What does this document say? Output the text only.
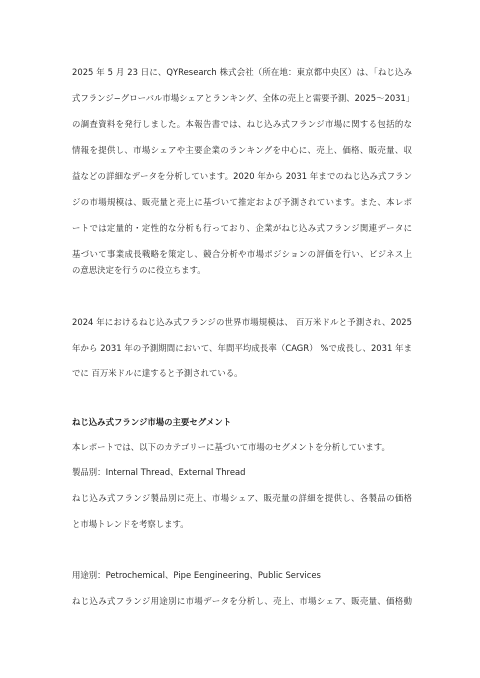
2025 年 5 月 23 日に、QYResearch 株式会社（所在地：東京都中央区）は、「ねじ込み
式フランジ−グローバル市場シェアとランキング、全体の売上と需要予測、2025〜2031」
の調査資料を発行しました。本報告書では、ねじ込み式フランジ市場に関する包括的な
情報を提供し、市場シェアや主要企業のランキングを中心に、売上、価格、販売量、収
益などの詳細なデータを分析しています。2020 年から 2031 年までのねじ込み式フラン
ジの市場規模は、販売量と売上に基づいて推定および予測されています。また、本レポ
ートでは定量的・定性的な分析も行っており、企業がねじ込み式フランジ関連データに
基づいて事業成長戦略を策定し、競合分析や市場ポジションの評価を行い、ビジネス上
の意思決定を行うのに役立ちます。
2024 年におけるねじ込み式フランジの世界市場規模は、 百万米ドルと予測され、2025
年から 2031 年の予測期間において、年間平均成長率（CAGR） %で成長し、2031 年ま
でに 百万米ドルに達すると予測されている。
ねじ込み式フランジ市場の主要セグメント
本レポートでは、以下のカテゴリーに基づいて市場のセグメントを分析しています。
製品別：Internal Thread、External Thread
ねじ込み式フランジ製品別に売上、市場シェア、販売量の詳細を提供し、各製品の価格
と市場トレンドを考察します。
用途別：Petrochemical、Pipe Eengineering、Public Services
ねじ込み式フランジ用途別に市場データを分析し、売上、市場シェア、販売量、価格動
